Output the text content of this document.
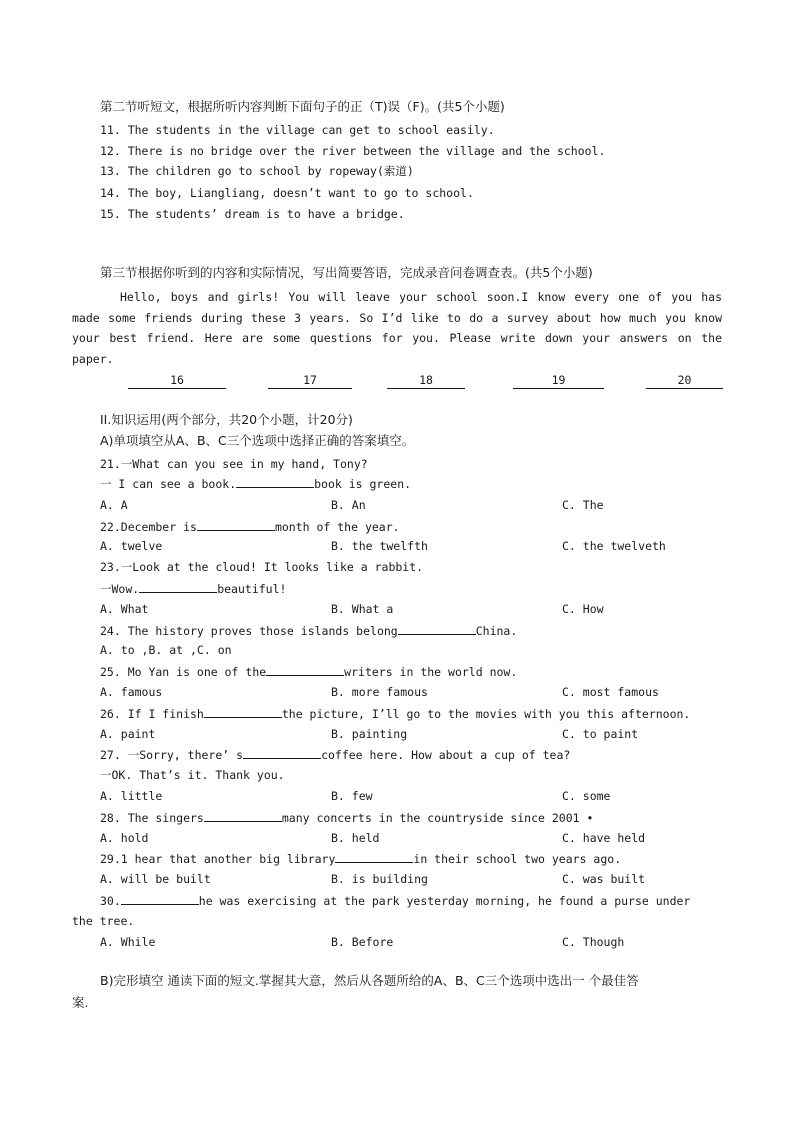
第二节听短文，根据所听内容判断下面句子的正（T)误（F)。(共5个小题)
11. The students in the village can get to school easily.
12. There is no bridge over the river between the village and the school.
13. The children go to school by ropeway(索道)
14. The boy, Liangliang, doesn’t want to go to school.
15. The students’ dream is to have a bridge.
第三节根据你听到的内容和实际情况，写出简要答语，完成录音问卷调查表。(共5个小题)
Hello, boys and girls! You will leave your school soon.I know every one of you has made some friends during these 3 years. So I’d like to do a survey about how much you know your best friend. Here are some questions for you. Please write down your answers on the paper.
16	17	18	19	20
II.知识运用(两个部分，共20个小题，计20分)
A)单项填空从A、B、C三个选项中选择正确的答案填空。
21.一What can you see in my hand, Tony?
一 I can see a book.	book is green.
A. A	B. An	C. The
22.December is	month of the year.
A. twelve	B. the twelfth	C. the twelveth
23.一Look at the cloud! It looks like a rabbit.
一Wow.	beautiful!
A. What	B. What a	C. How
24. The history proves those islands belong	China.
A. to ,B. at ,C. on
25. Mo Yan is one of the	writers in the world now.
A. famous	B. more famous	C. most famous
26. If I finish	the picture, I’ll go to the movies with you this afternoon.
A. paint	B. painting	C. to paint
27. 一Sorry, there’ s	coffee here. How about a cup of tea?
一OK. That’s it. Thank you.
A. little	B. few	C. some
28. The singers	many concerts in the countryside since 2001 •
A. hold	B. held	C. have held
29.1 hear that another big library	in their school two years ago.
A. will be built	B. is building	C. was built
30.	he was exercising at the park yesterday morning, he found a purse under
the tree.
A. While	B. Before	C. Though
B)完形填空 通读下面的短文.掌握其大意，然后从各题所给的A、B、C三个选项中选出一 个最佳答
案.
